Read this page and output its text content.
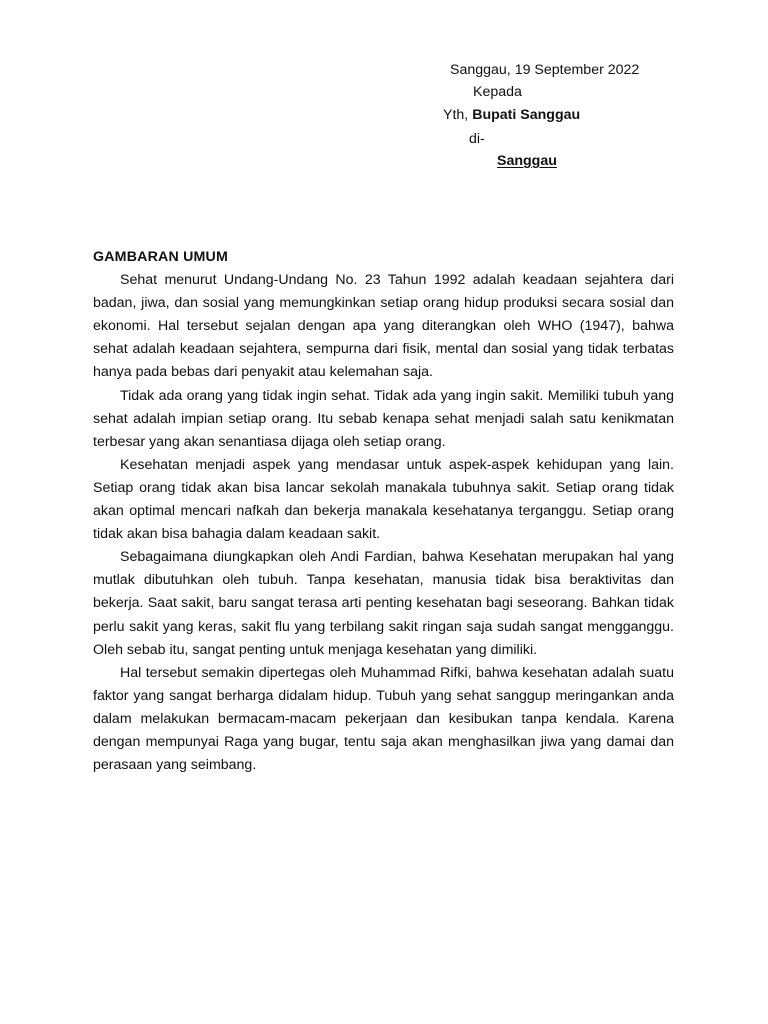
Sanggau, 19 September 2022
Kepada
Yth, Bupati Sanggau
di-
Sanggau

GAMBARAN UMUM

Sehat menurut Undang-Undang No. 23 Tahun 1992 adalah keadaan sejahtera dari badan, jiwa, dan sosial yang memungkinkan setiap orang hidup produksi secara sosial dan ekonomi. Hal tersebut sejalan dengan apa yang diterangkan oleh WHO (1947), bahwa sehat adalah keadaan sejahtera, sempurna dari fisik, mental dan sosial yang tidak terbatas hanya pada bebas dari penyakit atau kelemahan saja.

Tidak ada orang yang tidak ingin sehat. Tidak ada yang ingin sakit. Memiliki tubuh yang sehat adalah impian setiap orang. Itu sebab kenapa sehat menjadi salah satu kenikmatan terbesar yang akan senantiasa dijaga oleh setiap orang.

Kesehatan menjadi aspek yang mendasar untuk aspek-aspek kehidupan yang lain. Setiap orang tidak akan bisa lancar sekolah manakala tubuhnya sakit. Setiap orang tidak akan optimal mencari nafkah dan bekerja manakala kesehatanya terganggu. Setiap orang tidak akan bisa bahagia dalam keadaan sakit.

Sebagaimana diungkapkan oleh Andi Fardian, bahwa Kesehatan merupakan hal yang mutlak dibutuhkan oleh tubuh. Tanpa kesehatan, manusia tidak bisa beraktivitas dan bekerja. Saat sakit, baru sangat terasa arti penting kesehatan bagi seseorang. Bahkan tidak perlu sakit yang keras, sakit flu yang terbilang sakit ringan saja sudah sangat mengganggu. Oleh sebab itu, sangat penting untuk menjaga kesehatan yang dimiliki.

Hal tersebut semakin dipertegas oleh Muhammad Rifki, bahwa kesehatan adalah suatu faktor yang sangat berharga didalam hidup. Tubuh yang sehat sanggup meringankan anda dalam melakukan bermacam-macam pekerjaan dan kesibukan tanpa kendala. Karena dengan mempunyai Raga yang bugar, tentu saja akan menghasilkan jiwa yang damai dan perasaan yang seimbang.
